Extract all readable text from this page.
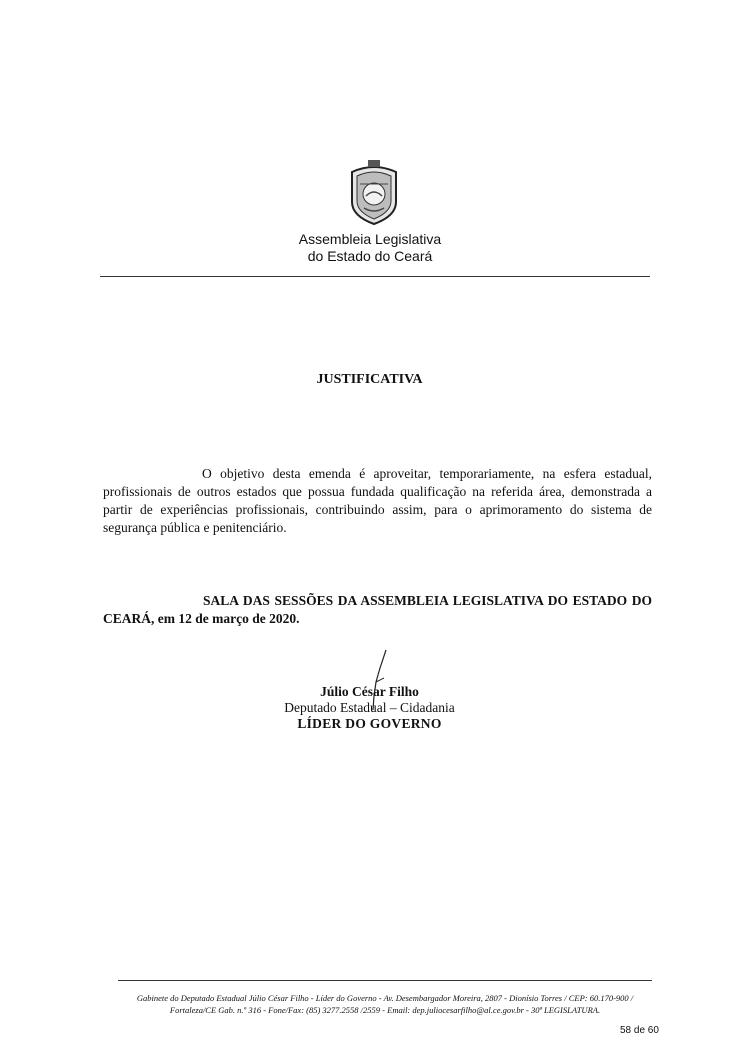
Assembleia Legislativa
do Estado do Ceará
JUSTIFICATIVA

O objetivo desta emenda é aproveitar, temporariamente, na esfera estadual, profissionais de outros estados que possua fundada qualificação na referida área, demonstrada a partir de experiências profissionais, contribuindo assim, para o aprimoramento do sistema de segurança pública e penitenciário.

SALA DAS SESSÕES DA ASSEMBLEIA LEGISLATIVA DO ESTADO DO CEARÁ, em 12 de março de 2020.

Júlio César Filho
Deputado Estadual – Cidadania
LÍDER DO GOVERNO
Gabinete do Deputado Estadual Júlio César Filho - Líder do Governo - Av. Desembargador Moreira, 2807 - Dionísio Torres / CEP: 60.170-900 /
Fortaleza/CE Gab. n.º 316 - Fone/Fax: (85) 3277.2558 /2559 - Email: dep.juliocesarfilho@al.ce.gov.br - 30ª LEGISLATURA.
58 de 60
